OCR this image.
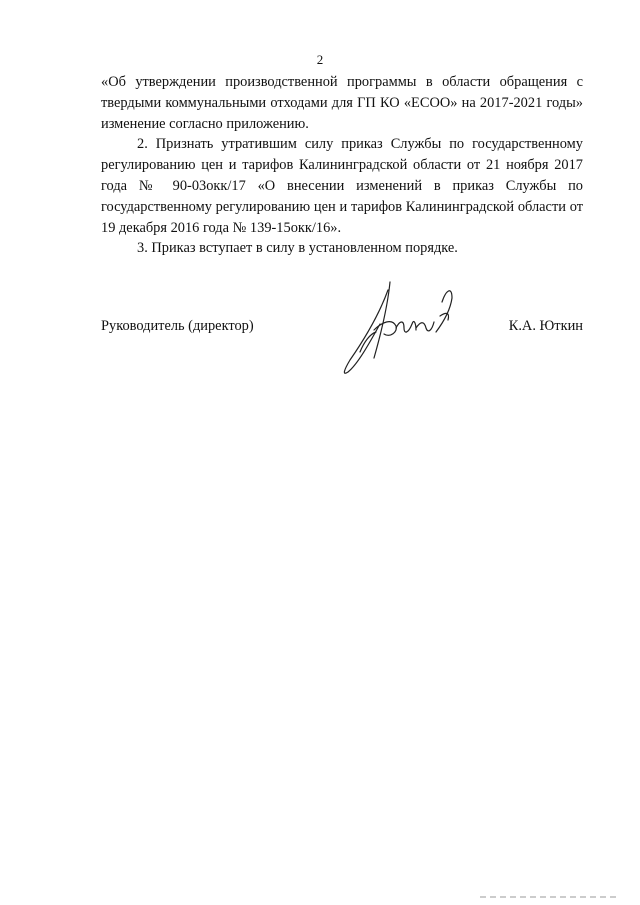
2

«Об утверждении производственной программы в области обращения с твердыми коммунальными отходами для ГП КО «ЕСОО» на 2017-2021 годы» изменение согласно приложению.

2. Признать утратившим силу приказ Службы по государственному регулированию цен и тарифов Калининградской области от 21 ноября 2017 года № 90-03окк/17 «О внесении изменений в приказ Службы по государственному регулированию цен и тарифов Калининградской области от 19 декабря 2016 года № 139-15окк/16».

3. Приказ вступает в силу в установленном порядке.

Руководитель (директор)	К.А. Юткин
